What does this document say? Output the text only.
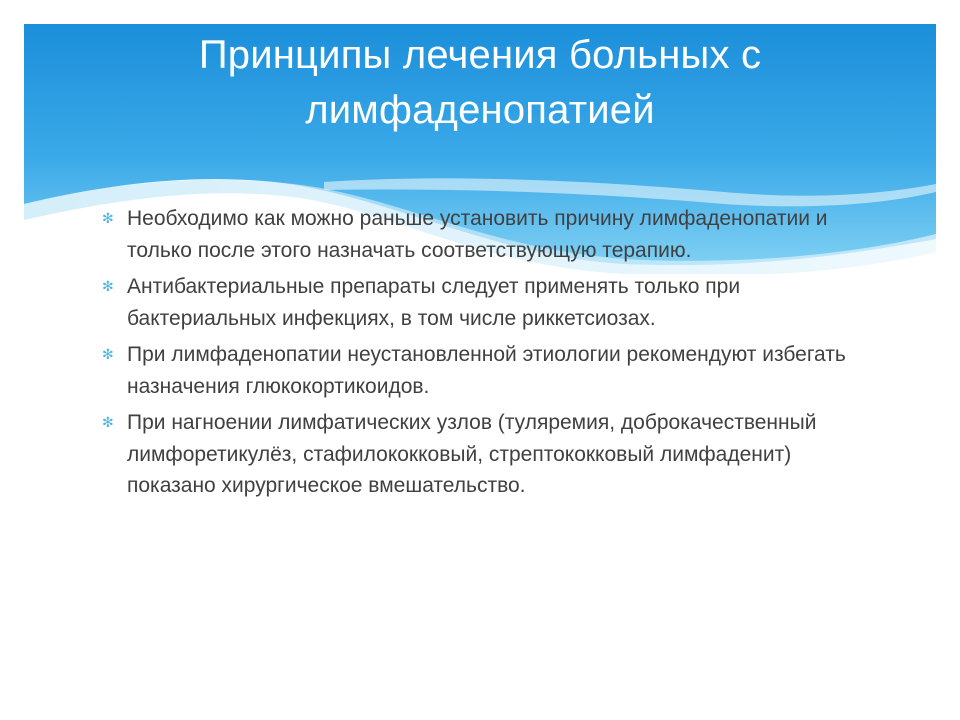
Принципы лечения больных с лимфаденопатией
✻ Необходимо как можно раньше установить причину лимфаденопатии и только после этого назначать соответствующую терапию.
✻ Антибактериальные препараты следует применять только при бактериальных инфекциях, в том числе риккетсиозах.
✻ При лимфаденопатии неустановленной этиологии рекомендуют избегать назначения глюкокортикоидов.
✻ При нагноении лимфатических узлов (туляремия, доброкачественный лимфоретикулёз, стафилококковый, стрептококковый лимфаденит) показано хирургическое вмешательство.
